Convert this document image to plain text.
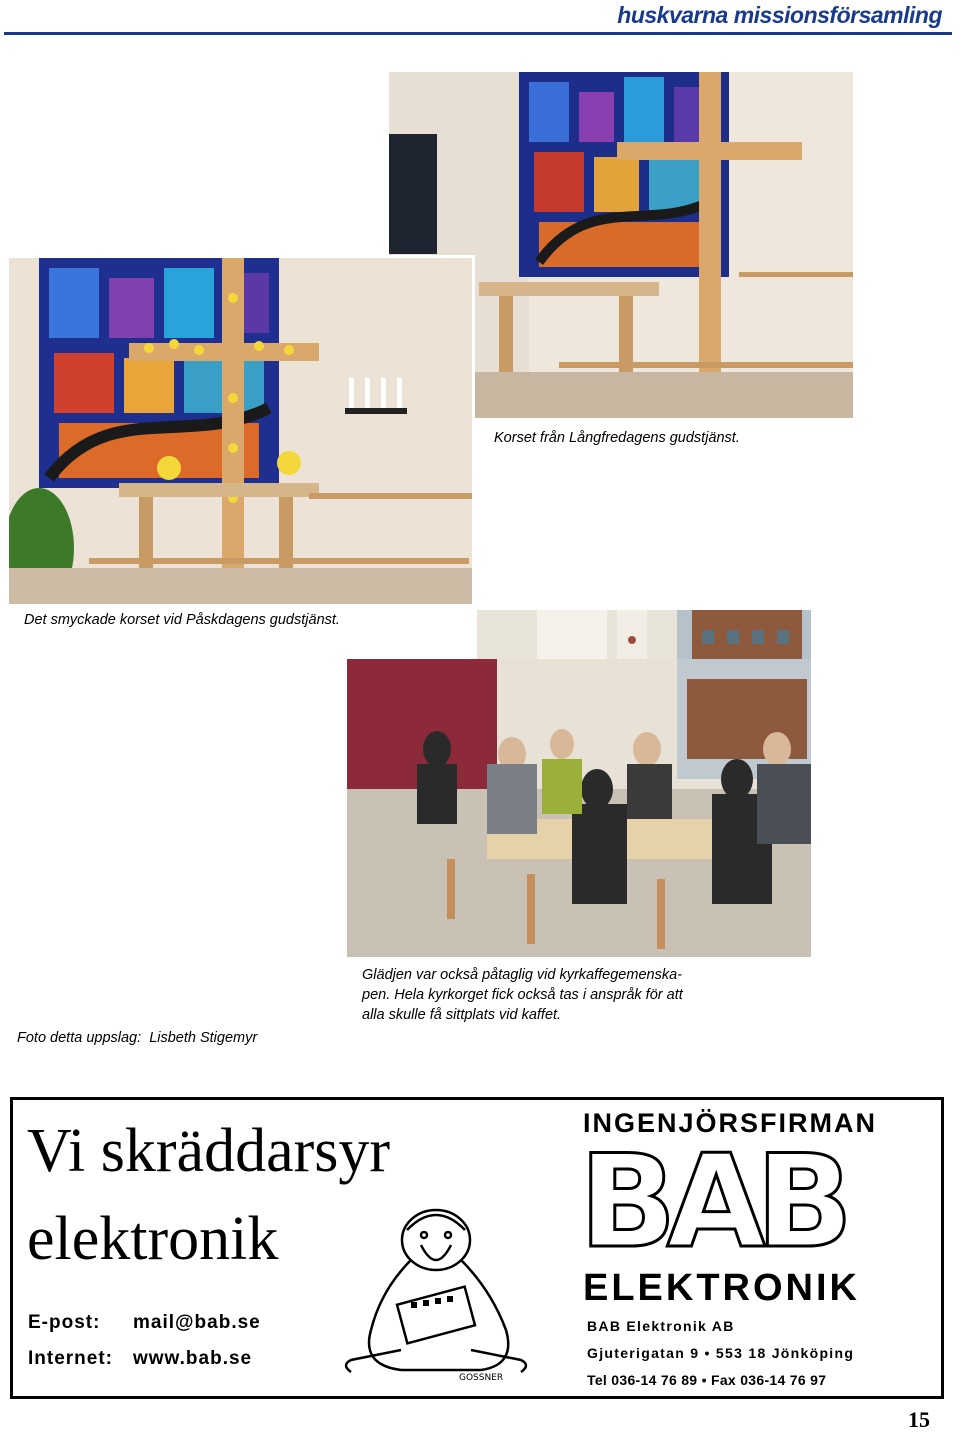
huskvarna missionsförsamling
Korset från Långfredagens gudstjänst.
Det smyckade korset vid Påskdagens gudstjänst.
Glädjen var också påtaglig vid kyrkaffegemenska-
pen. Hela kyrkorget fick också tas i anspråk för att
alla skulle få sittplats vid kaffet.
Foto detta uppslag:  Lisbeth Stigemyr
Vi skräddarsyr
elektronik
E-post: mail@bab.se
Internet: www.bab.se
GOSSNER
INGENJÖRSFIRMAN
BAB
ELEKTRONIK
BAB Elektronik AB
Gjuterigatan 9 • 553 18 Jönköping
Tel 036-14 76 89 • Fax 036-14 76 97
15
